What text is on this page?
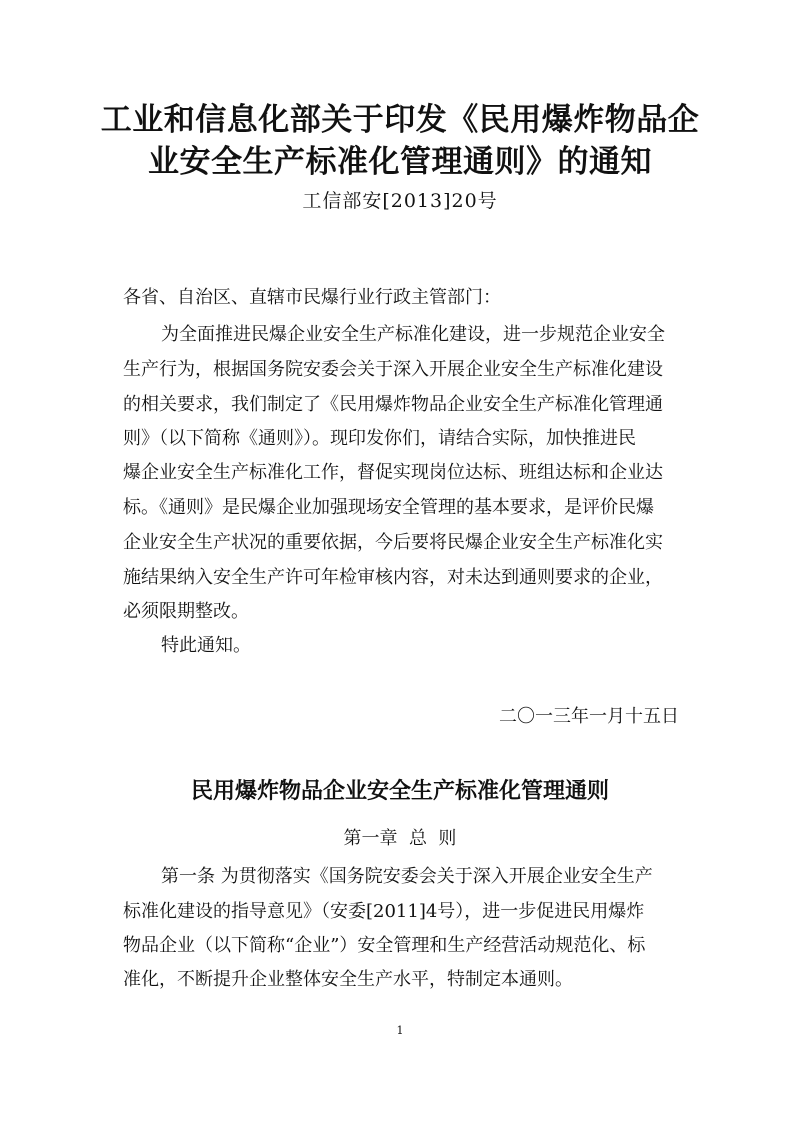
工业和信息化部关于印发《民用爆炸物品企
业安全生产标准化管理通则》的通知
工信部安[2013]20号
各省、自治区、直辖市民爆行业行政主管部门：
为全面推进民爆企业安全生产标准化建设，进一步规范企业安全
生产行为，根据国务院安委会关于深入开展企业安全生产标准化建设
的相关要求，我们制定了《民用爆炸物品企业安全生产标准化管理通
则》（以下简称《通则》）。现印发你们，请结合实际，加快推进民
爆企业安全生产标准化工作，督促实现岗位达标、班组达标和企业达
标。《通则》是民爆企业加强现场安全管理的基本要求，是评价民爆
企业安全生产状况的重要依据，今后要将民爆企业安全生产标准化实
施结果纳入安全生产许可年检审核内容，对未达到通则要求的企业，
必须限期整改。
特此通知。
二〇一三年一月十五日
民用爆炸物品企业安全生产标准化管理通则
第一章  总  则
第一条 为贯彻落实《国务院安委会关于深入开展企业安全生产
标准化建设的指导意见》（安委[2011]4号），进一步促进民用爆炸
物品企业（以下简称“企业”）安全管理和生产经营活动规范化、标
准化，不断提升企业整体安全生产水平，特制定本通则。
1
